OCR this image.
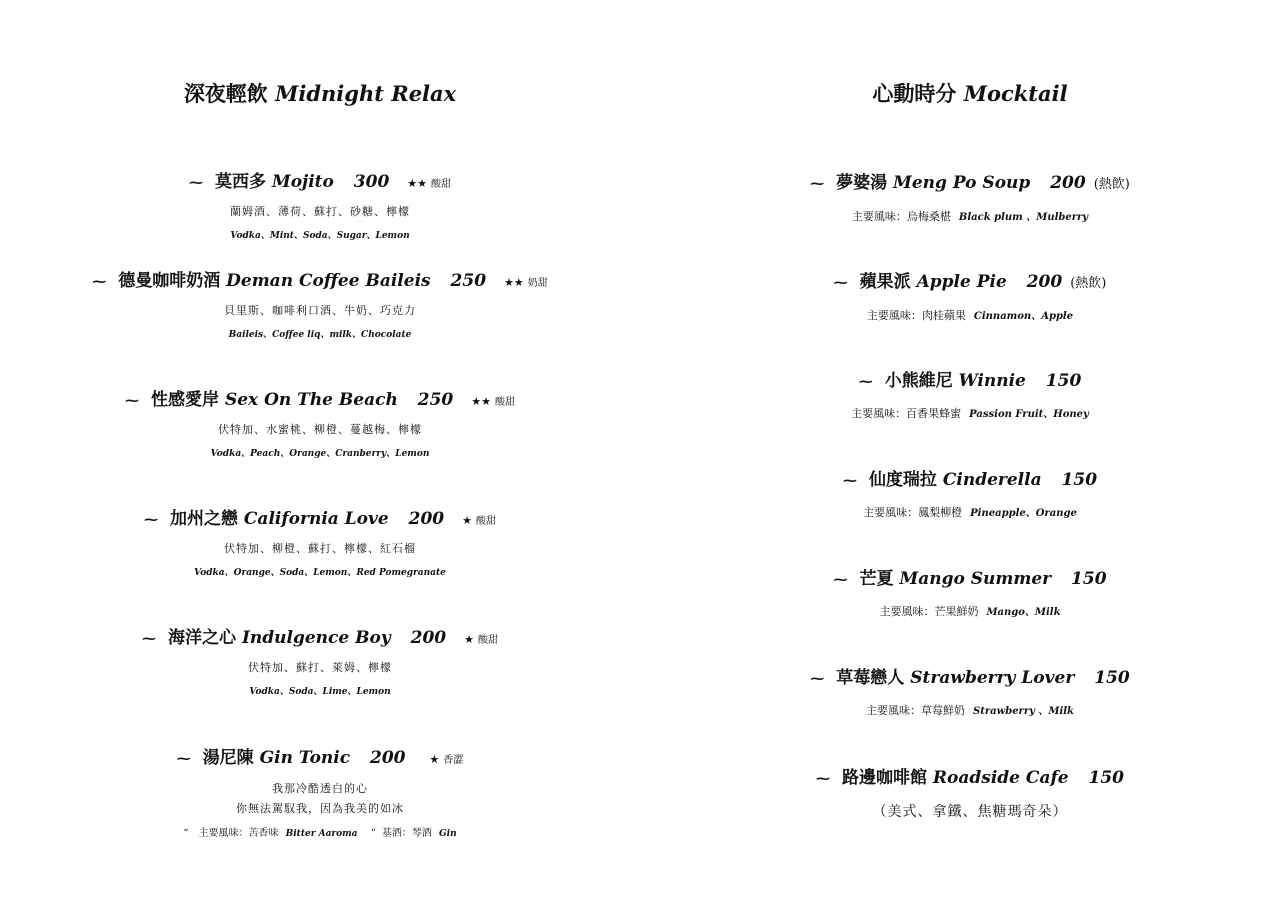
深夜輕飲 Midnight Relax
⁓ 莫西多 Mojito 300 ★★ 酸甜
蘭姆酒、薄荷、蘇打、砂糖、檸檬
Vodka、Mint、Soda、Sugar、Lemon
⁓ 德曼咖啡奶酒 Deman Coffee Baileis 250 ★★ 奶甜
貝里斯、咖啡利口酒、牛奶、巧克力
Baileis、Coffee liq、milk、Chocolate
⁓ 性感愛岸 Sex On The Beach 250 ★★ 酸甜
伏特加、水蜜桃、柳橙、蔓越梅、檸檬
Vodka、Peach、Orange、Cranberry、Lemon
⁓ 加州之戀 California Love 200 ★ 酸甜
伏特加、柳橙、蘇打、檸檬、紅石榴
Vodka、Orange、Soda、Lemon、Red Pomegranate
⁓ 海洋之心 Indulgence Boy 200 ★ 酸甜
伏特加、蘇打、萊姆、檸檬
Vodka、Soda、Lime、Lemon
⁓ 湯尼陳 Gin Tonic 200 ★ 香澀
我那冷酷透白的心
你無法駕馭我，因為我美的如冰
“ 主要風味：苦香味 Bitter Aaroma “ 基酒：琴酒 Gin
心動時分 Mocktail
⁓ 夢婆湯 Meng Po Soup 200 (熱飲)
主要風味：烏梅桑椹 Black plum 、Mulberry
⁓ 蘋果派 Apple Pie 200 (熱飲)
主要風味：肉桂蘋果 Cinnamon、Apple
⁓ 小熊維尼 Winnie 150
主要風味：百香果蜂蜜 Passion Fruit、Honey
⁓ 仙度瑞拉 Cinderella 150
主要風味：鳳梨柳橙 Pineapple、Orange
⁓ 芒夏 Mango Summer 150
主要風味：芒果鮮奶 Mango、Milk
⁓ 草莓戀人 Strawberry Lover 150
主要風味：草莓鮮奶 Strawberry 、Milk
⁓ 路邊咖啡館 Roadside Cafe 150
（美式、拿鐵、焦糖瑪奇朵）
